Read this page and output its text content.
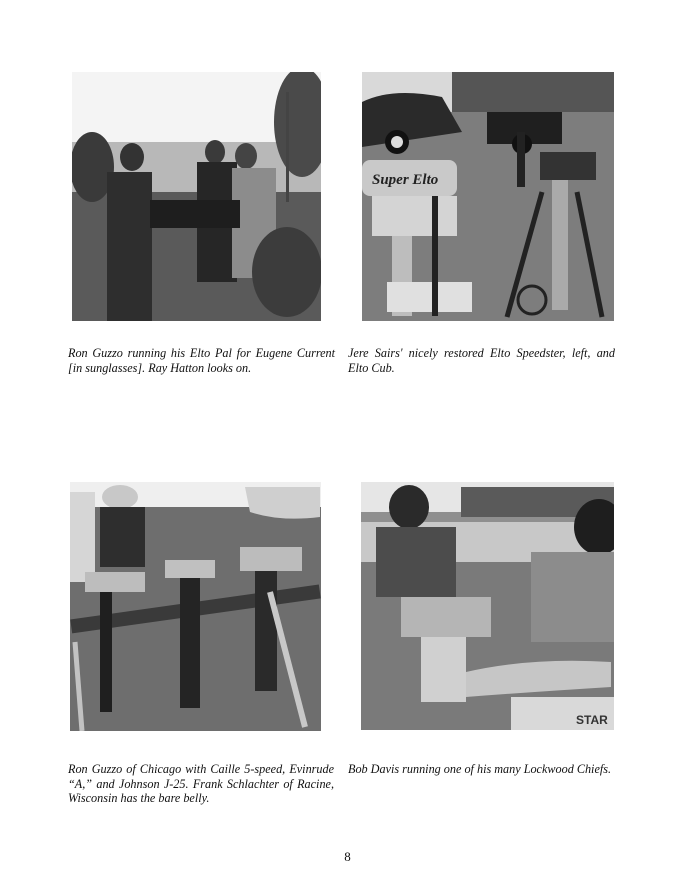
Super Elto
Ron Guzzo running his Elto Pal for Eugene Current [in sunglasses]. Ray Hatton looks on.
Jere Sairs' nicely restored Elto Speedster, left, and Elto Cub.
STAR
Ron Guzzo of Chicago with Caille 5-speed, Evinrude “A,” and Johnson J-25. Frank Schlachter of Racine, Wisconsin has the bare belly.
Bob Davis running one of his many Lockwood Chiefs.
8
